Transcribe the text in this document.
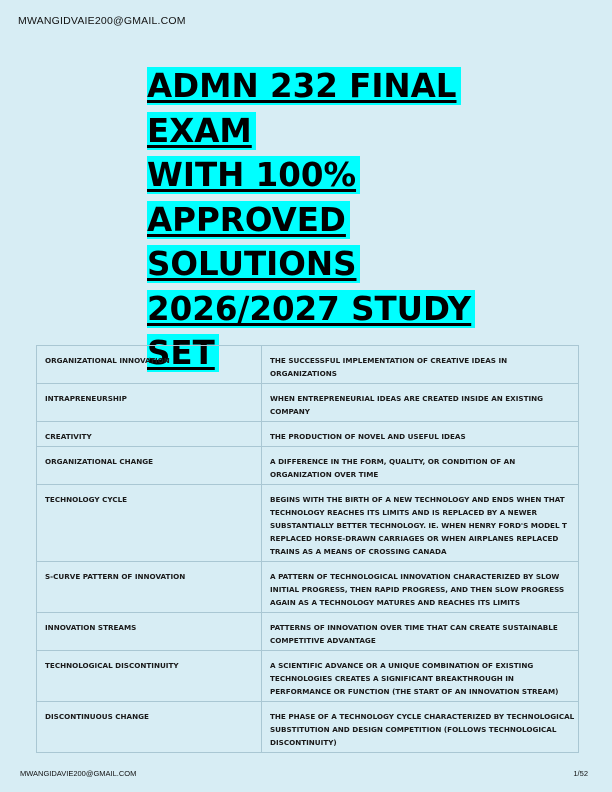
MWANGIDVAIE200@GMAIL.COM
ADMN 232 FINAL EXAM
WITH 100%
APPROVED
SOLUTIONS
2026/2027 STUDY
SET
ORGANIZATIONAL INNOVATION	THE SUCCESSFUL IMPLEMENTATION OF CREATIVE IDEAS IN ORGANIZATIONS
INTRAPRENEURSHIP	WHEN ENTREPRENEURIAL IDEAS ARE CREATED INSIDE AN EXISTING COMPANY
CREATIVITY	THE PRODUCTION OF NOVEL AND USEFUL IDEAS
ORGANIZATIONAL CHANGE	A DIFFERENCE IN THE FORM, QUALITY, OR CONDITION OF AN ORGANIZATION OVER TIME
TECHNOLOGY CYCLE	BEGINS WITH THE BIRTH OF A NEW TECHNOLOGY AND ENDS WHEN THAT TECHNOLOGY REACHES ITS LIMITS AND IS REPLACED BY A NEWER SUBSTANTIALLY BETTER TECHNOLOGY. IE. WHEN HENRY FORD'S MODEL T REPLACED HORSE-DRAWN CARRIAGES OR WHEN AIRPLANES REPLACED TRAINS AS A MEANS OF CROSSING CANADA
S-CURVE PATTERN OF INNOVATION	A PATTERN OF TECHNOLOGICAL INNOVATION CHARACTERIZED BY SLOW INITIAL PROGRESS, THEN RAPID PROGRESS, AND THEN SLOW PROGRESS AGAIN AS A TECHNOLOGY MATURES AND REACHES ITS LIMITS
INNOVATION STREAMS	PATTERNS OF INNOVATION OVER TIME THAT CAN CREATE SUSTAINABLE COMPETITIVE ADVANTAGE
TECHNOLOGICAL DISCONTINUITY	A SCIENTIFIC ADVANCE OR A UNIQUE COMBINATION OF EXISTING TECHNOLOGIES CREATES A SIGNIFICANT BREAKTHROUGH IN PERFORMANCE OR FUNCTION (THE START OF AN INNOVATION STREAM)
DISCONTINUOUS CHANGE	THE PHASE OF A TECHNOLOGY CYCLE CHARACTERIZED BY TECHNOLOGICAL SUBSTITUTION AND DESIGN COMPETITION (FOLLOWS TECHNOLOGICAL DISCONTINUITY)
MWANGIDAVIE200@GMAIL.COM	1/52
